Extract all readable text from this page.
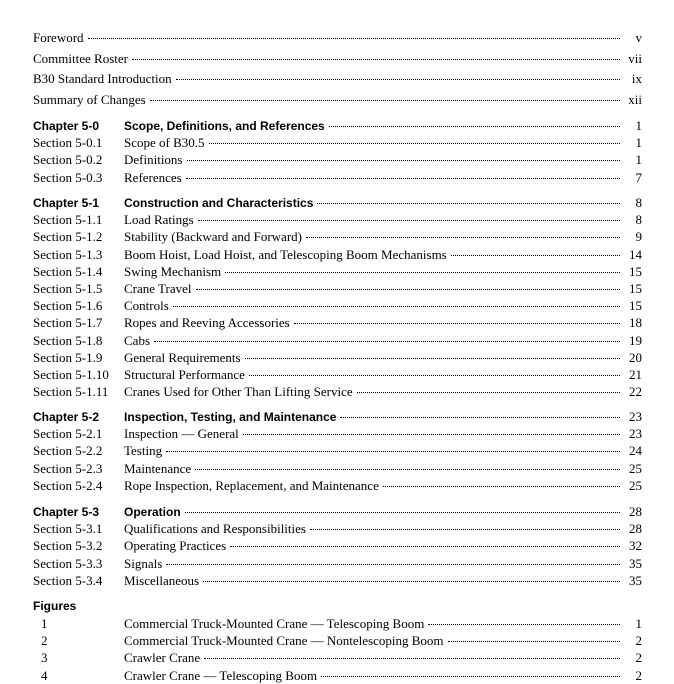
Foreword	v
Committee Roster	vii
B30 Standard Introduction	ix
Summary of Changes	xii
Chapter 5-0	Scope, Definitions, and References	1
Section 5-0.1	Scope of B30.5	1
Section 5-0.2	Definitions	1
Section 5-0.3	References	7
Chapter 5-1	Construction and Characteristics	8
Section 5-1.1	Load Ratings	8
Section 5-1.2	Stability (Backward and Forward)	9
Section 5-1.3	Boom Hoist, Load Hoist, and Telescoping Boom Mechanisms	14
Section 5-1.4	Swing Mechanism	15
Section 5-1.5	Crane Travel	15
Section 5-1.6	Controls	15
Section 5-1.7	Ropes and Reeving Accessories	18
Section 5-1.8	Cabs	19
Section 5-1.9	General Requirements	20
Section 5-1.10	Structural Performance	21
Section 5-1.11	Cranes Used for Other Than Lifting Service	22
Chapter 5-2	Inspection, Testing, and Maintenance	23
Section 5-2.1	Inspection — General	23
Section 5-2.2	Testing	24
Section 5-2.3	Maintenance	25
Section 5-2.4	Rope Inspection, Replacement, and Maintenance	25
Chapter 5-3	Operation	28
Section 5-3.1	Qualifications and Responsibilities	28
Section 5-3.2	Operating Practices	32
Section 5-3.3	Signals	35
Section 5-3.4	Miscellaneous	35
Figures
1	Commercial Truck-Mounted Crane — Telescoping Boom	1
2	Commercial Truck-Mounted Crane — Nontelescoping Boom	2
3	Crawler Crane	2
4	Crawler Crane — Telescoping Boom	2
